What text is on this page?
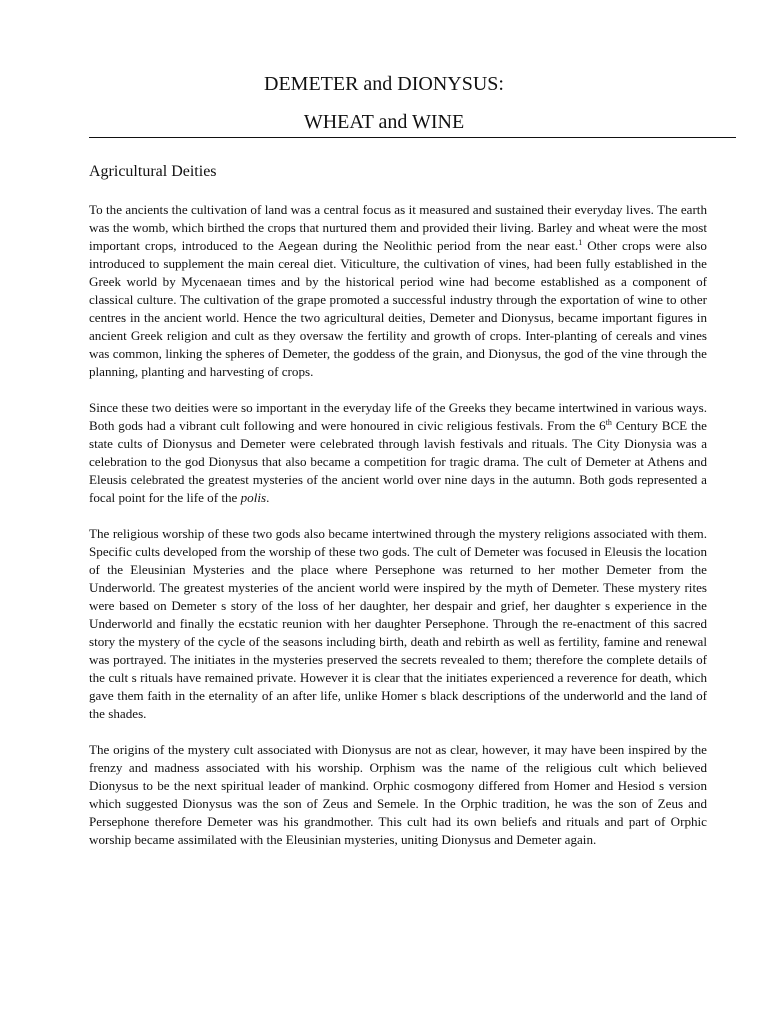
DEMETER and DIONYSUS:
WHEAT and WINE
Agricultural Deities

To the ancients the cultivation of land was a central focus as it measured and sustained their everyday lives. The earth was the womb, which birthed the crops that nurtured them and provided their living. Barley and wheat were the most important crops, introduced to the Aegean during the Neolithic period from the near east.$^1$ Other crops were also introduced to supplement the main cereal diet. Viticulture, the cultivation of vines, had been fully established in the Greek world by Mycenaean times and by the historical period wine had become established as a component of classical culture. The cultivation of the grape promoted a successful industry through the exportation of wine to other centres in the ancient world. Hence the two agricultural deities, Demeter and Dionysus, became important figures in ancient Greek religion and cult as they oversaw the fertility and growth of crops. Inter-planting of cereals and vines was common, linking the spheres of Demeter, the goddess of the grain, and Dionysus, the god of the vine through the planning, planting and harvesting of crops.

Since these two deities were so important in the everyday life of the Greeks they became intertwined in various ways. Both gods had a vibrant cult following and were honoured in civic religious festivals. From the 6th Century BCE the state cults of Dionysus and Demeter were celebrated through lavish festivals and rituals. The City Dionysia was a celebration to the god Dionysus that also became a competition for tragic drama. The cult of Demeter at Athens and Eleusis celebrated the greatest mysteries of the ancient world over nine days in the autumn. Both gods represented a focal point for the life of the polis.

The religious worship of these two gods also became intertwined through the mystery religions associated with them. Specific cults developed from the worship of these two gods. The cult of Demeter was focused in Eleusis the location of the Eleusinian Mysteries and the place where Persephone was returned to her mother Demeter from the Underworld. The greatest mysteries of the ancient world were inspired by the myth of Demeter. These mystery rites were based on Demeter s story of the loss of her daughter, her despair and grief, her daughter s experience in the Underworld and finally the ecstatic reunion with her daughter Persephone. Through the re-enactment of this sacred story the mystery of the cycle of the seasons including birth, death and rebirth as well as fertility, famine and renewal was portrayed. The initiates in the mysteries preserved the secrets revealed to them; therefore the complete details of the cult s rituals have remained private. However it is clear that the initiates experienced a reverence for death, which gave them faith in the eternality of an after life, unlike Homer s black descriptions of the underworld and the land of the shades.

The origins of the mystery cult associated with Dionysus are not as clear, however, it may have been inspired by the frenzy and madness associated with his worship. Orphism was the name of the religious cult which believed Dionysus to be the next spiritual leader of mankind. Orphic cosmogony differed from Homer and Hesiod s version which suggested Dionysus was the son of Zeus and Semele. In the Orphic tradition, he was the son of Zeus and Persephone therefore Demeter was his grandmother. This cult had its own beliefs and rituals and part of Orphic worship became assimilated with the Eleusinian mysteries, uniting Dionysus and Demeter again.
